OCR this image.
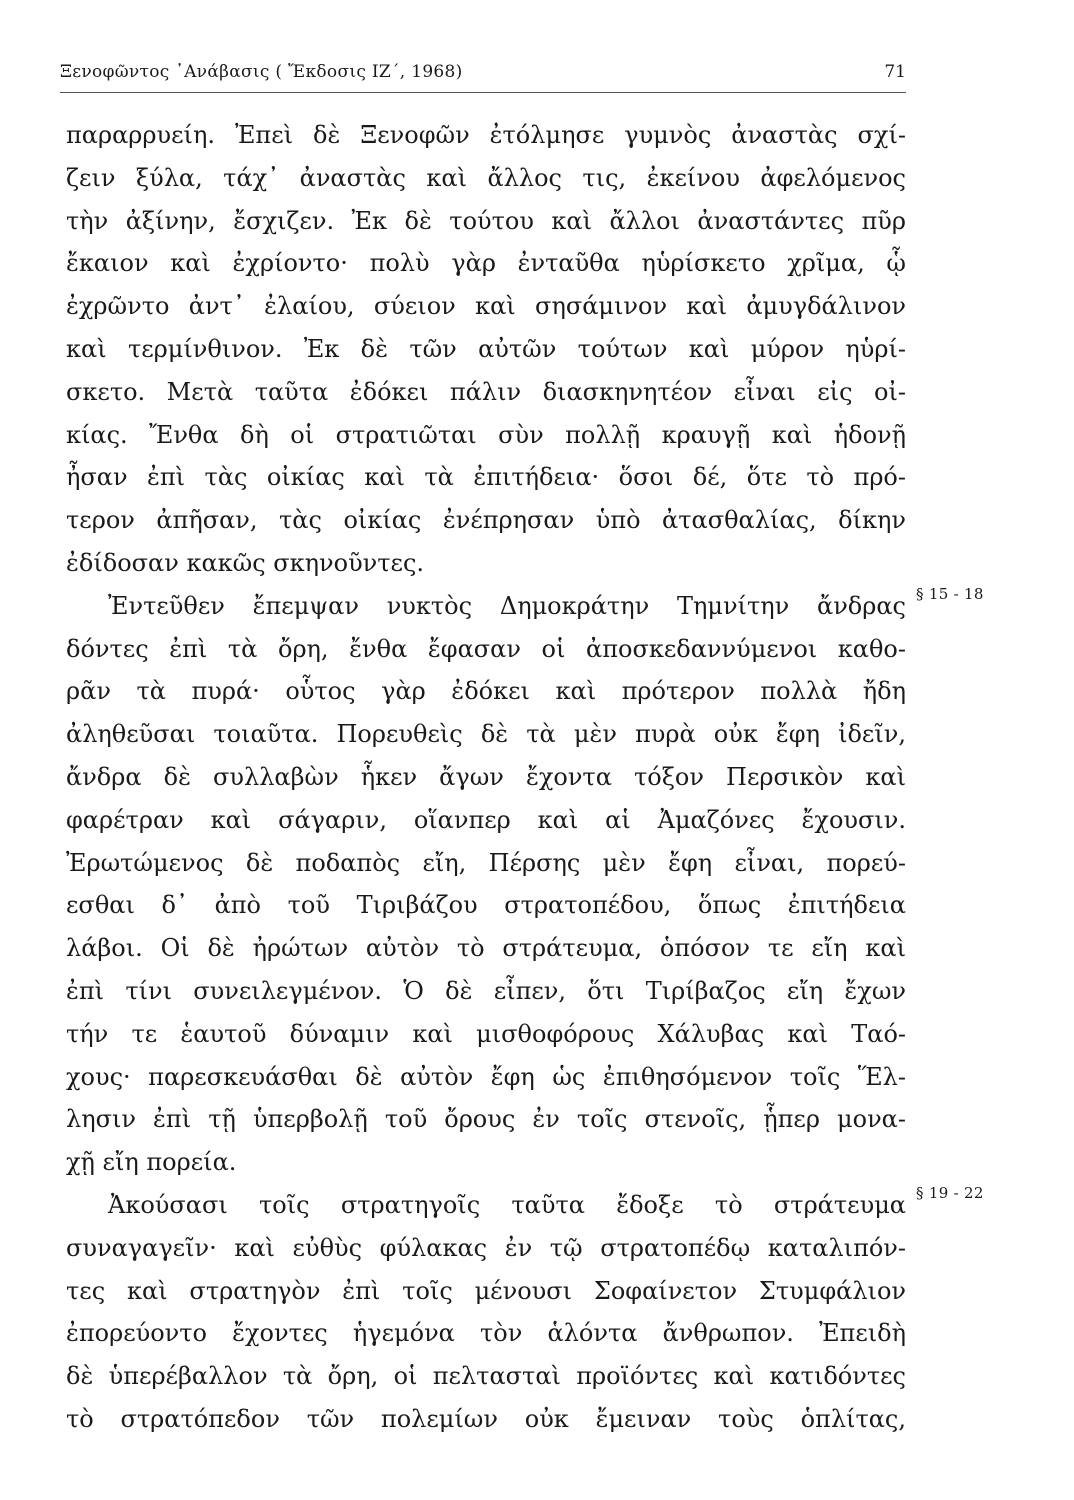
Ξενοφῶντος ᾿Ανάβασις ( Ἔκδοσις ΙΖ΄, 1968)	71
παραρρυείη. Ἐπεὶ δὲ Ξενοφῶν ἐτόλμησε γυμνὸς ἀναστὰς σχί-
ζειν ξύλα, τάχ᾿ ἀναστὰς καὶ ἄλλος τις, ἐκείνου ἀφελόμενος
τὴν ἀξίνην, ἔσχιζεν. Ἐκ δὲ τούτου καὶ ἄλλοι ἀναστάντες πῦρ
ἔκαιον καὶ ἐχρίοντο· πολὺ γὰρ ἐνταῦθα ηὑρίσκετο χρῖμα, ᾧ
ἐχρῶντο ἀντ᾿ ἐλαίου, σύειον καὶ σησάμινον καὶ ἀμυγδάλινον
καὶ τερμίνθινον. Ἐκ δὲ τῶν αὐτῶν τούτων καὶ μύρον ηὑρί-
σκετο. Μετὰ ταῦτα ἐδόκει πάλιν διασκηνητέον εἶναι εἰς οἰ-
κίας. Ἔνθα δὴ οἱ στρατιῶται σὺν πολλῇ κραυγῇ καὶ ἡδονῇ
ἦσαν ἐπὶ τὰς οἰκίας καὶ τὰ ἐπιτήδεια· ὅσοι δέ, ὅτε τὸ πρό-
τερον ἀπῆσαν, τὰς οἰκίας ἐνέπρησαν ὑπὸ ἀτασθαλίας, δίκην
ἐδίδοσαν κακῶς σκηνοῦντες.
Ἐντεῦθεν ἔπεμψαν νυκτὸς Δημοκράτην Τημνίτην ἄνδρας § 15 - 18
δόντες ἐπὶ τὰ ὄρη, ἔνθα ἔφασαν οἱ ἀποσκεδαννύμενοι καθο-
ρᾶν τὰ πυρά· οὗτος γὰρ ἐδόκει καὶ πρότερον πολλὰ ἤδη
ἀληθεῦσαι τοιαῦτα. Πορευθεὶς δὲ τὰ μὲν πυρὰ οὐκ ἔφη ἰδεῖν,
ἄνδρα δὲ συλλαβὼν ἧκεν ἄγων ἔχοντα τόξον Περσικὸν καὶ
φαρέτραν καὶ σάγαριν, οἵανπερ καὶ αἱ Ἀμαζόνες ἔχουσιν.
Ἐρωτώμενος δὲ ποδαπὸς εἴη, Πέρσης μὲν ἔφη εἶναι, πορεύ-
εσθαι δ᾿ ἀπὸ τοῦ Τιριβάζου στρατοπέδου, ὅπως ἐπιτήδεια
λάβοι. Οἱ δὲ ἠρώτων αὐτὸν τὸ στράτευμα, ὁπόσον τε εἴη καὶ
ἐπὶ τίνι συνειλεγμένον. Ὁ δὲ εἶπεν, ὅτι Τιρίβαζος εἴη ἔχων
τήν τε ἑαυτοῦ δύναμιν καὶ μισθοφόρους Χάλυβας καὶ Ταό-
χους· παρεσκευάσθαι δὲ αὐτὸν ἔφη ὡς ἐπιθησόμενον τοῖς Ἕλ-
λησιν ἐπὶ τῇ ὑπερβολῇ τοῦ ὄρους ἐν τοῖς στενοῖς, ᾗπερ μονα-
χῇ εἴη πορεία.
Ἀκούσασι τοῖς στρατηγοῖς ταῦτα ἔδοξε τὸ στράτευμα § 19 - 22
συναγαγεῖν· καὶ εὐθὺς φύλακας ἐν τῷ στρατοπέδῳ καταλιπόν-
τες καὶ στρατηγὸν ἐπὶ τοῖς μένουσι Σοφαίνετον Στυμφάλιον
ἐπορεύοντο ἔχοντες ἡγεμόνα τὸν ἁλόντα ἄνθρωπον. Ἐπειδὴ
δὲ ὑπερέβαλλον τὰ ὄρη, οἱ πελτασταὶ προϊόντες καὶ κατιδόντες
τὸ στρατόπεδον τῶν πολεμίων οὐκ ἔμειναν τοὺς ὁπλίτας,
